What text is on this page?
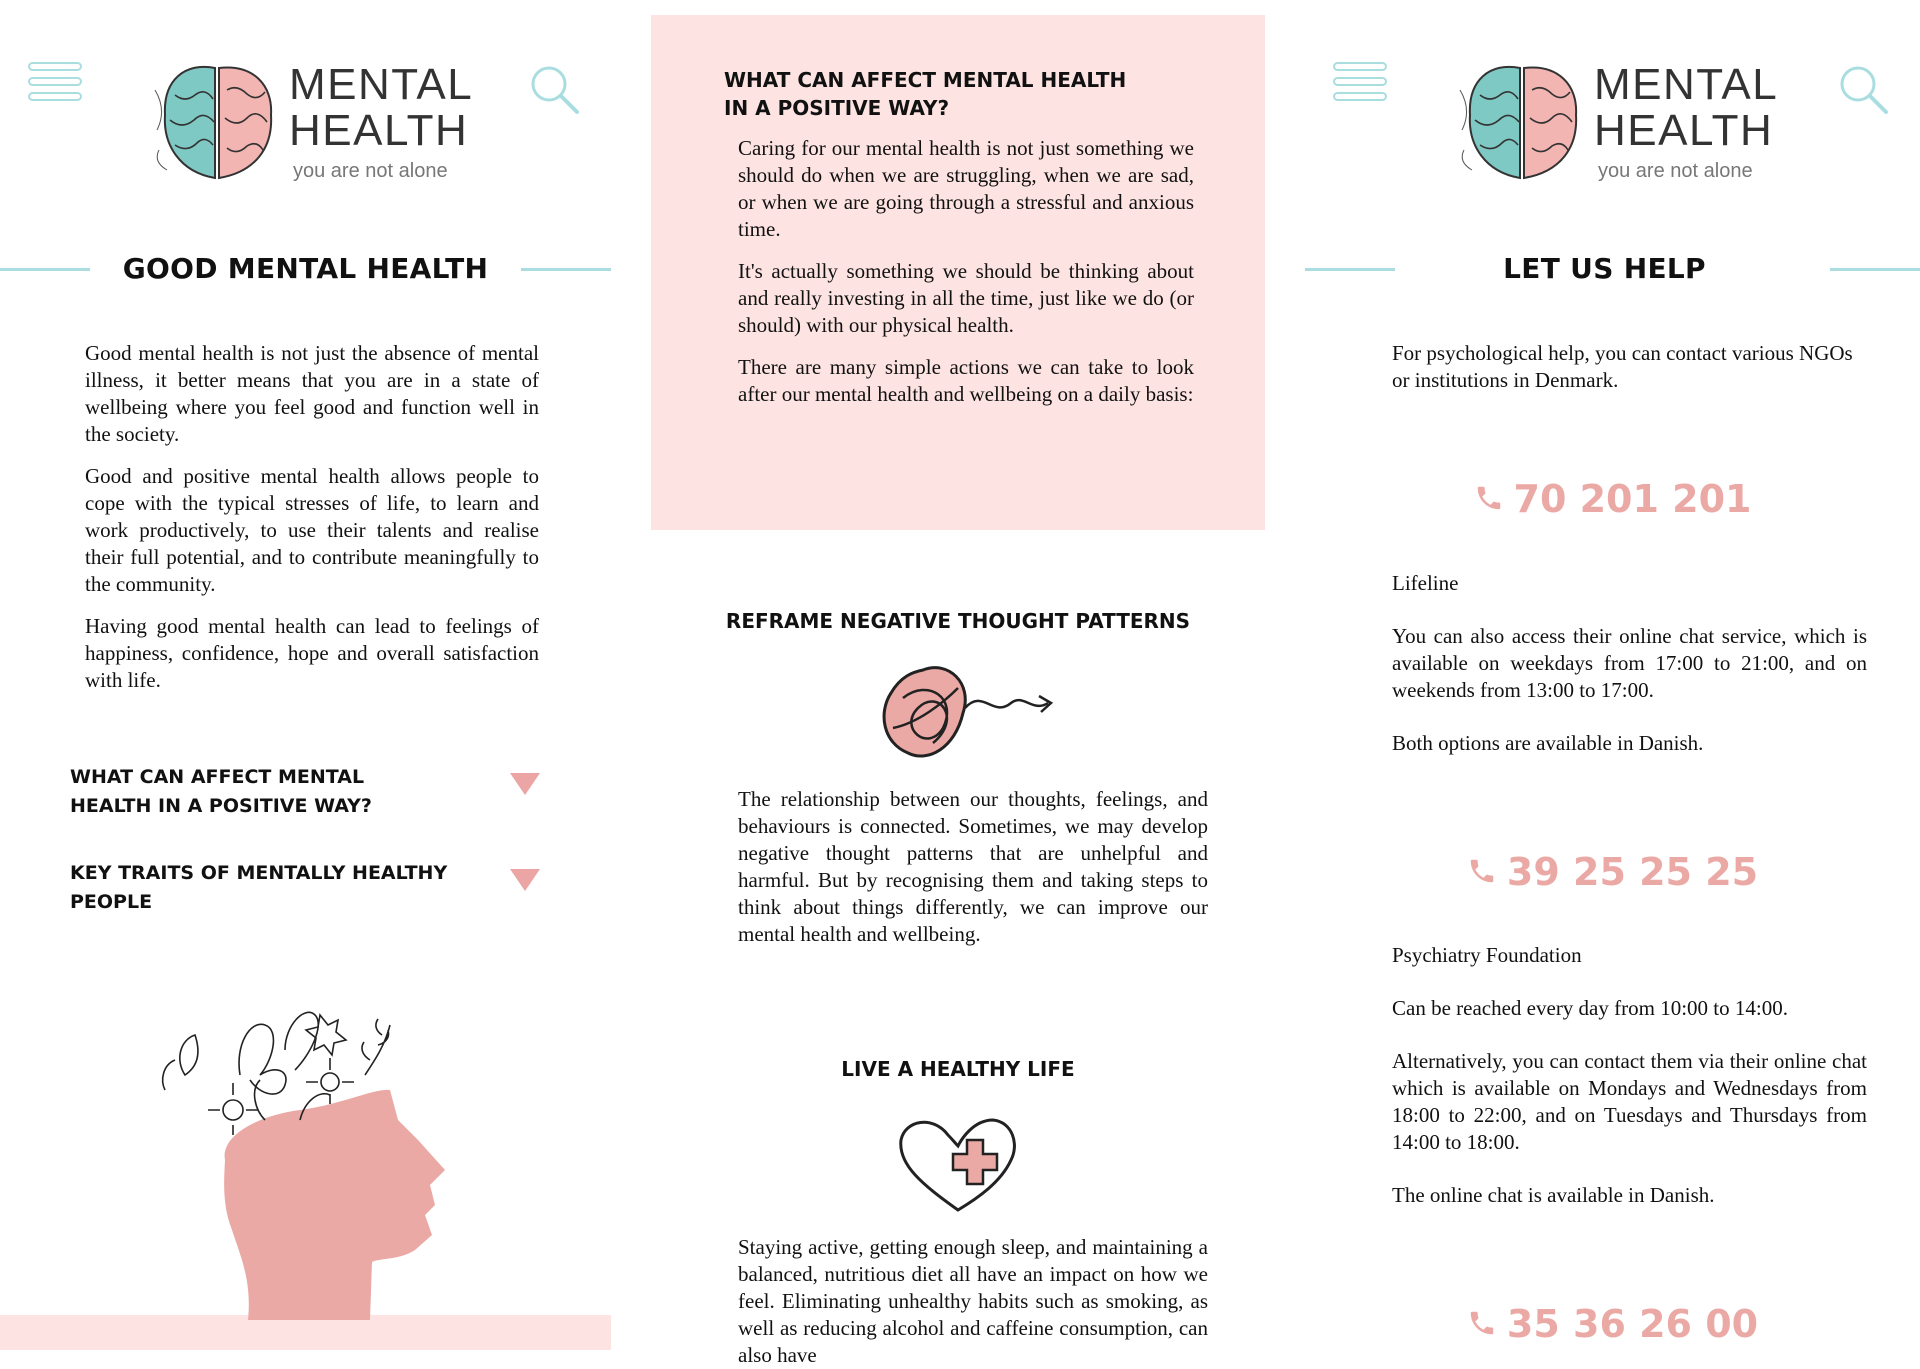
MENTAL
HEALTH
you are not alone
GOOD MENTAL HEALTH

Good mental health is not just the absence of mental illness, it better means that you are in a state of wellbeing where you feel good and function well in the society.

Good and positive mental health allows people to cope with the typical stresses of life, to learn and work productively, to use their talents and realise their full potential, and to contribute meaningfully to the community.

Having good mental health can lead to feelings of happiness, confidence, hope and overall satisfaction with life.

WHAT CAN AFFECT MENTAL HEALTH IN A POSITIVE WAY?
KEY TRAITS OF MENTALLY HEALTHY PEOPLE
WHAT CAN AFFECT MENTAL HEALTH IN A POSITIVE WAY?

Caring for our mental health is not just something we should do when we are struggling, when we are sad, or when we are going through a stressful and anxious time.

It's actually something we should be thinking about and really investing in all the time, just like we do (or should) with our physical health.

There are many simple actions we can take to look after our mental health and wellbeing on a daily basis:

REFRAME NEGATIVE THOUGHT PATTERNS
The relationship between our thoughts, feelings, and behaviours is connected. Sometimes, we may develop negative thought patterns that are unhelpful and harmful. But by recognising them and taking steps to think about things differently, we can improve our mental health and wellbeing.
LIVE A HEALTHY LIFE
Staying active, getting enough sleep, and maintaining a balanced, nutritious diet all have an impact on how we feel. Eliminating unhealthy habits such as smoking, as well as reducing alcohol and caffeine consumption, can also have
MENTAL
HEALTH
you are not alone
LET US HELP
For psychological help, you can contact various NGOs or institutions in Denmark.
70 201 201
Lifeline
You can also access their online chat service, which is available on weekdays from 17:00 to 21:00, and on weekends from 13:00 to 17:00.
Both options are available in Danish.
39 25 25 25
Psychiatry Foundation
Can be reached every day from 10:00 to 14:00.
Alternatively, you can contact them via their online chat which is available on Mondays and Wednesdays from 18:00 to 22:00, and on Tuesdays and Thursdays from 14:00 to 18:00.
The online chat is available in Danish.
35 36 26 00
